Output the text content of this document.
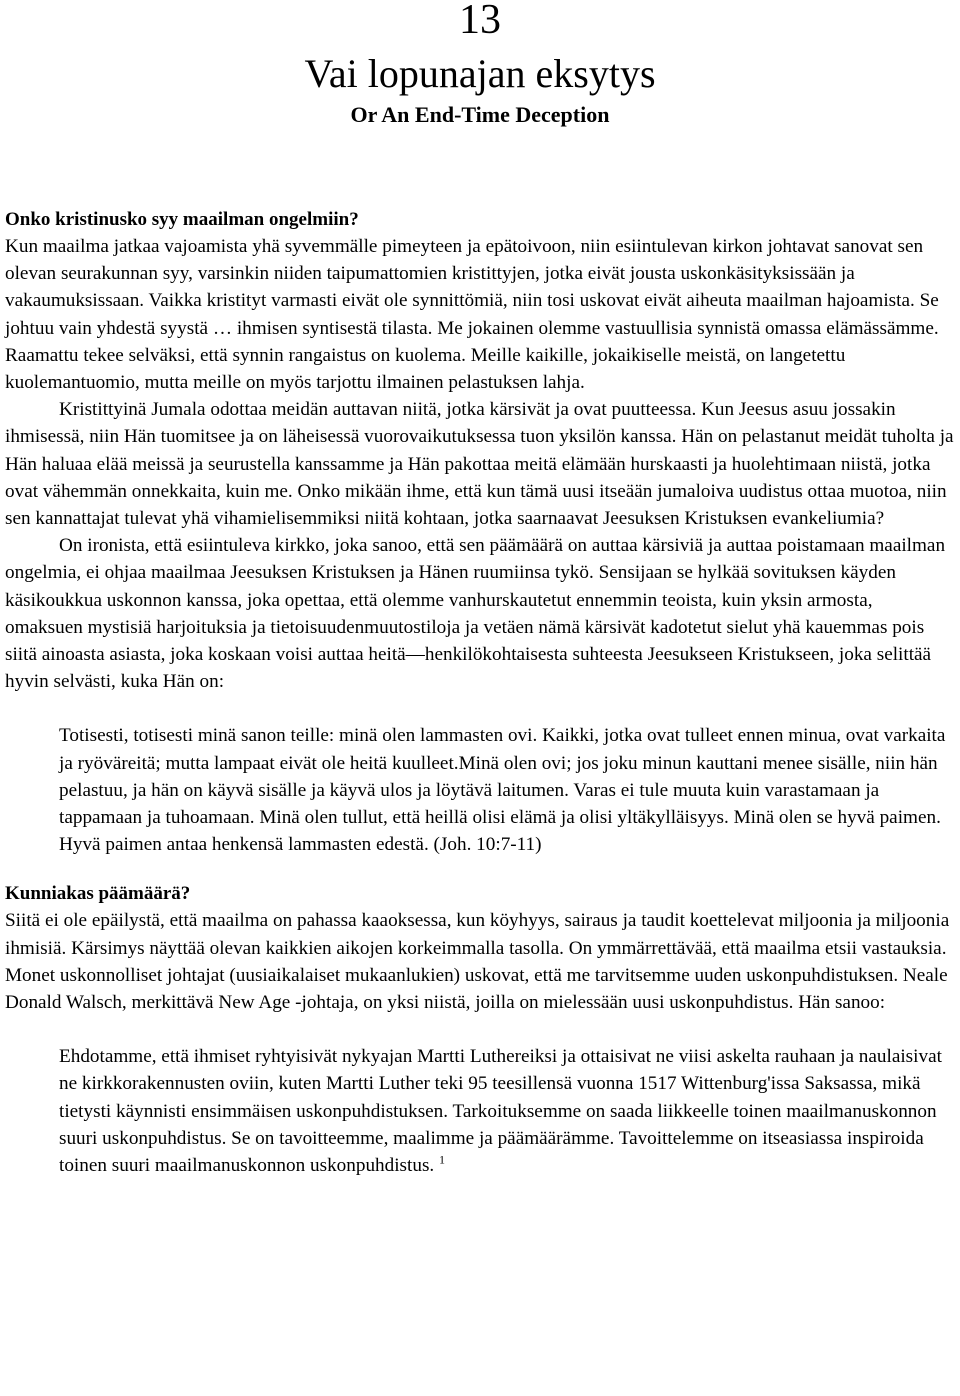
13
Vai lopunajan eksytys
Or An End-Time Deception
Onko kristinusko syy maailman ongelmiin?

Kun maailma jatkaa vajoamista yhä syvemmälle pimeyteen ja epätoivoon, niin esiintulevan kirkon johtavat sanovat sen olevan seurakunnan syy, varsinkin niiden taipumattomien kristittyjen, jotka eivät jousta uskonkäsityksissään ja vakaumuksissaan. Vaikka kristityt varmasti eivät ole synnittömiä, niin tosi uskovat eivät aiheuta maailman hajoamista. Se johtuu vain yhdestä syystä … ihmisen syntisestä tilasta. Me jokainen olemme vastuullisia synnistä omassa elämässämme. Raamattu tekee selväksi, että synnin rangaistus on kuolema. Meille kaikille, jokaikiselle meistä, on langetettu kuolemantuomio, mutta meille on myös tarjottu ilmainen pelastuksen lahja.

Kristittyinä Jumala odottaa meidän auttavan niitä, jotka kärsivät ja ovat puutteessa. Kun Jeesus asuu jossakin ihmisessä, niin Hän tuomitsee ja on läheisessä vuorovaikutuksessa tuon yksilön kanssa. Hän on pelastanut meidät tuholta ja Hän haluaa elää meissä ja seurustella kanssamme ja Hän pakottaa meitä elämään hurskaasti ja huolehtimaan niistä, jotka ovat vähemmän onnekkaita, kuin me. Onko mikään ihme, että kun tämä uusi itseään jumaloiva uudistus ottaa muotoa, niin sen kannattajat tulevat yhä vihamielisemmiksi niitä kohtaan, jotka saarnaavat Jeesuksen Kristuksen evankeliumia?

On ironista, että esiintuleva kirkko, joka sanoo, että sen päämäärä on auttaa kärsiviä ja auttaa poistamaan maailman ongelmia, ei ohjaa maailmaa Jeesuksen Kristuksen ja Hänen ruumiinsa tykö. Sensijaan se hylkää sovituksen käyden käsikoukkua uskonnon kanssa, joka opettaa, että olemme vanhurskautetut ennemmin teoista, kuin yksin armosta, omaksuen mystisiä harjoituksia ja tietoisuudenmuutostiloja ja vetäen nämä kärsivät kadotetut sielut yhä kauemmas pois siitä ainoasta asiasta, joka koskaan voisi auttaa heitä—henkilökohtaisesta suhteesta Jeesukseen Kristukseen, joka selittää hyvin selvästi, kuka Hän on:

Totisesti, totisesti minä sanon teille: minä olen lammasten ovi. Kaikki, jotka ovat tulleet ennen minua, ovat varkaita ja ryöväreitä; mutta lampaat eivät ole heitä kuulleet.Minä olen ovi; jos joku minun kauttani menee sisälle, niin hän pelastuu, ja hän on käyvä sisälle ja käyvä ulos ja löytävä laitumen. Varas ei tule muuta kuin varastamaan ja tappamaan ja tuhoamaan. Minä olen tullut, että heillä olisi elämä ja olisi yltäkylläisyys. Minä olen se hyvä paimen. Hyvä paimen antaa henkensä lammasten edestä. (Joh. 10:7-11)

Kunniakas päämäärä?

Siitä ei ole epäilystä, että maailma on pahassa kaaoksessa, kun köyhyys, sairaus ja taudit koettelevat miljoonia ja miljoonia ihmisiä. Kärsimys näyttää olevan kaikkien aikojen korkeimmalla tasolla. On ymmärrettävää, että maailma etsii vastauksia. Monet uskonnolliset johtajat (uusiaikalaiset mukaanlukien) uskovat, että me tarvitsemme uuden uskonpuhdistuksen. Neale Donald Walsch, merkittävä New Age -johtaja, on yksi niistä, joilla on mielessään uusi uskonpuhdistus. Hän sanoo:

Ehdotamme, että ihmiset ryhtyisivät nykyajan Martti Luthereiksi ja ottaisivat ne viisi askelta rauhaan ja naulaisivat ne kirkkorakennusten oviin, kuten Martti Luther teki 95 teesillensä vuonna 1517 Wittenburg'issa Saksassa, mikä tietysti käynnisti ensimmäisen uskonpuhdistuksen. Tarkoituksemme on saada liikkeelle toinen maailmanuskonnon suuri uskonpuhdistus. Se on tavoitteemme, maalimme ja päämäärämme. Tavoittelemme on itseasiassa inspiroida toinen suuri maailmanuskonnon uskonpuhdistus. $^1$
